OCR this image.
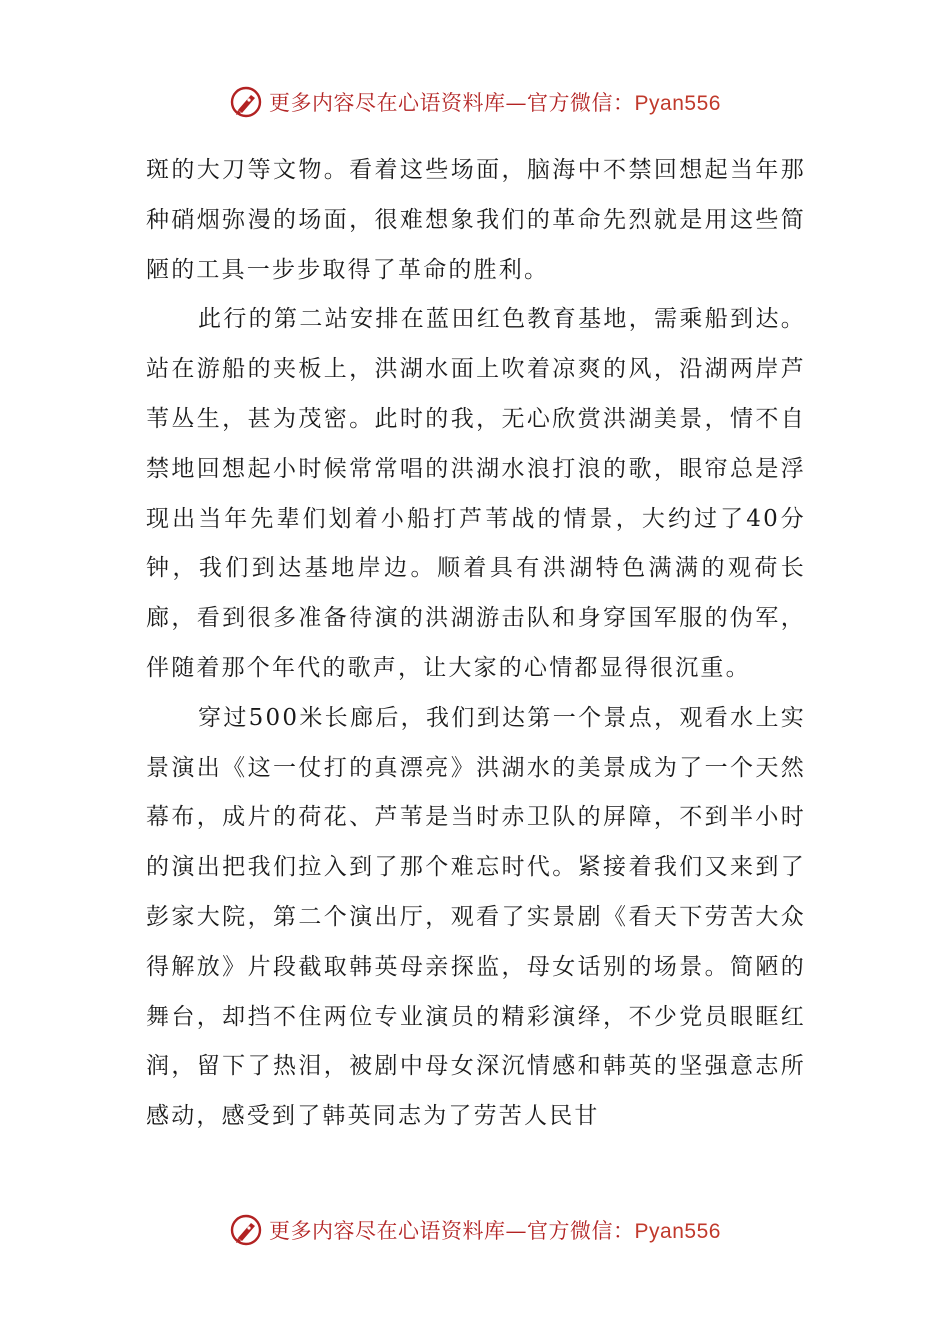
更多内容尽在心语资料库—官方微信：Pyan556

斑的大刀等文物。看着这些场面，脑海中不禁回想起当年那种硝烟弥漫的场面，很难想象我们的革命先烈就是用这些简陋的工具一步步取得了革命的胜利。

此行的第二站安排在蓝田红色教育基地，需乘船到达。站在游船的夹板上，洪湖水面上吹着凉爽的风，沿湖两岸芦苇丛生，甚为茂密。此时的我，无心欣赏洪湖美景，情不自禁地回想起小时候常常唱的洪湖水浪打浪的歌，眼帘总是浮现出当年先辈们划着小船打芦苇战的情景，大约过了40分钟，我们到达基地岸边。顺着具有洪湖特色满满的观荷长廊，看到很多准备待演的洪湖游击队和身穿国军服的伪军，伴随着那个年代的歌声，让大家的心情都显得很沉重。

穿过500米长廊后，我们到达第一个景点，观看水上实景演出《这一仗打的真漂亮》洪湖水的美景成为了一个天然幕布，成片的荷花、芦苇是当时赤卫队的屏障，不到半小时的演出把我们拉入到了那个难忘时代。紧接着我们又来到了彭家大院，第二个演出厅，观看了实景剧《看天下劳苦大众得解放》片段截取韩英母亲探监，母女话别的场景。简陋的舞台，却挡不住两位专业演员的精彩演绎，不少党员眼眶红润，留下了热泪，被剧中母女深沉情感和韩英的坚强意志所感动，感受到了韩英同志为了劳苦人民甘

更多内容尽在心语资料库—官方微信：Pyan556
